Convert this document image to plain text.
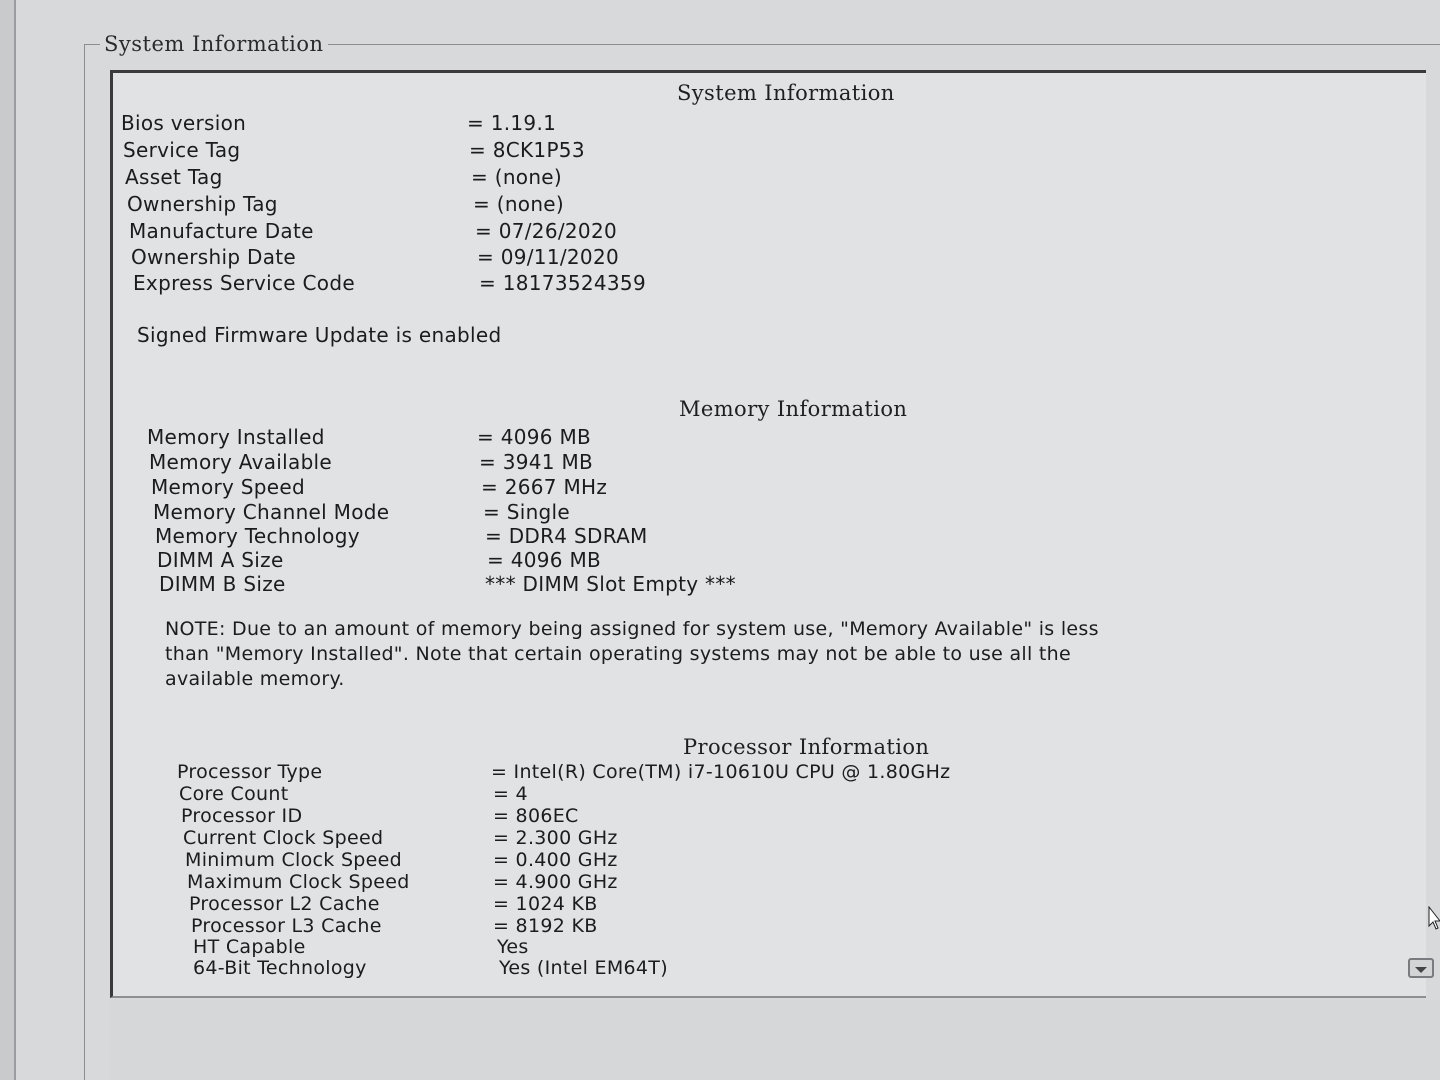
System Information
System Information
Bios version	= 1.19.1
Service Tag	= 8CK1P53
Asset Tag	= (none)
Ownership Tag	= (none)
Manufacture Date	= 07/26/2020
Ownership Date	= 09/11/2020
Express Service Code	= 18173524359
Signed Firmware Update is enabled
Memory Information
Memory Installed	= 4096 MB
Memory Available	= 3941 MB
Memory Speed	= 2667 MHz
Memory Channel Mode	= Single
Memory Technology	= DDR4 SDRAM
DIMM A Size	= 4096 MB
DIMM B Size	*** DIMM Slot Empty ***
NOTE: Due to an amount of memory being assigned for system use, "Memory Available" is less
than "Memory Installed". Note that certain operating systems may not be able to use all the
available memory.
Processor Information
Processor Type	= Intel(R) Core(TM) i7-10610U CPU @ 1.80GHz
Core Count	= 4
Processor ID	= 806EC
Current Clock Speed	= 2.300 GHz
Minimum Clock Speed	= 0.400 GHz
Maximum Clock Speed	= 4.900 GHz
Processor L2 Cache	= 1024 KB
Processor L3 Cache	= 8192 KB
HT Capable	Yes
64-Bit Technology	Yes (Intel EM64T)
